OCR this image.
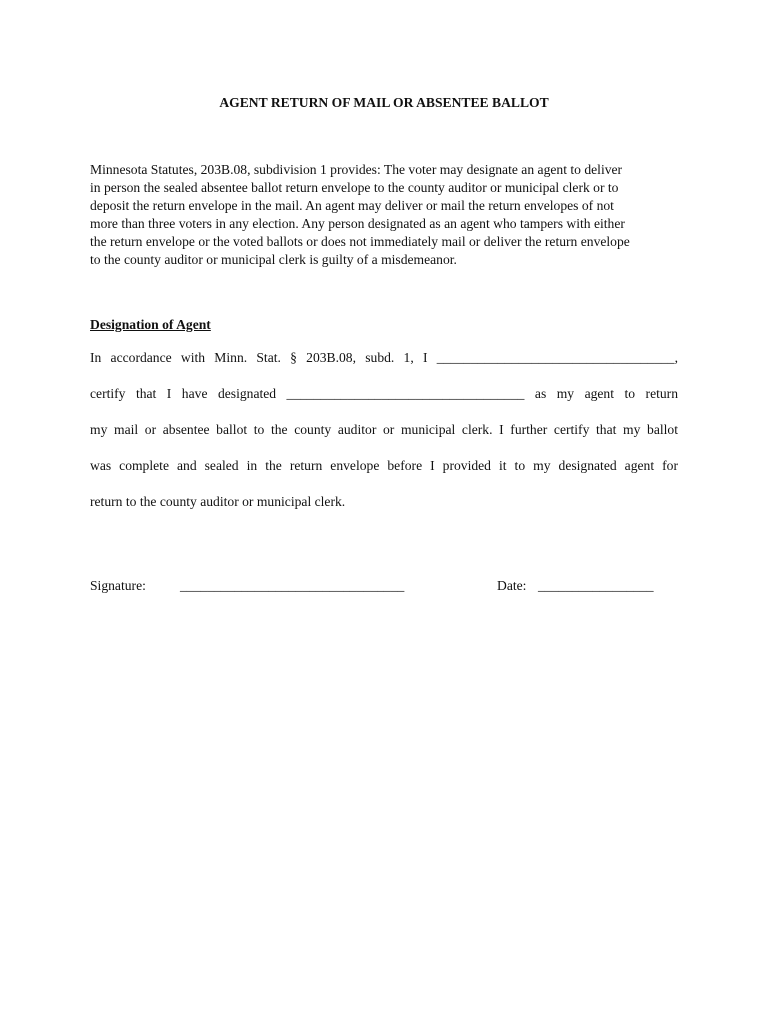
AGENT RETURN OF MAIL OR ABSENTEE BALLOT
Minnesota Statutes, 203B.08, subdivision 1 provides: The voter may designate an agent to deliver
in person the sealed absentee ballot return envelope to the county auditor or municipal clerk or to
deposit the return envelope in the mail. An agent may deliver or mail the return envelopes of not
more than three voters in any election. Any person designated as an agent who tampers with either
the return envelope or the voted ballots or does not immediately mail or deliver the return envelope
to the county auditor or municipal clerk is guilty of a misdemeanor.
Designation of Agent
In accordance with Minn. Stat. § 203B.08, subd. 1, I ___________________________________,
certify that I have designated ___________________________________ as my agent to return
my mail or absentee ballot to the county auditor or municipal clerk. I further certify that my ballot
was complete and sealed in the return envelope before I provided it to my designated agent for
return to the county auditor or municipal clerk.
Signature:	_________________________________	Date: _________________
